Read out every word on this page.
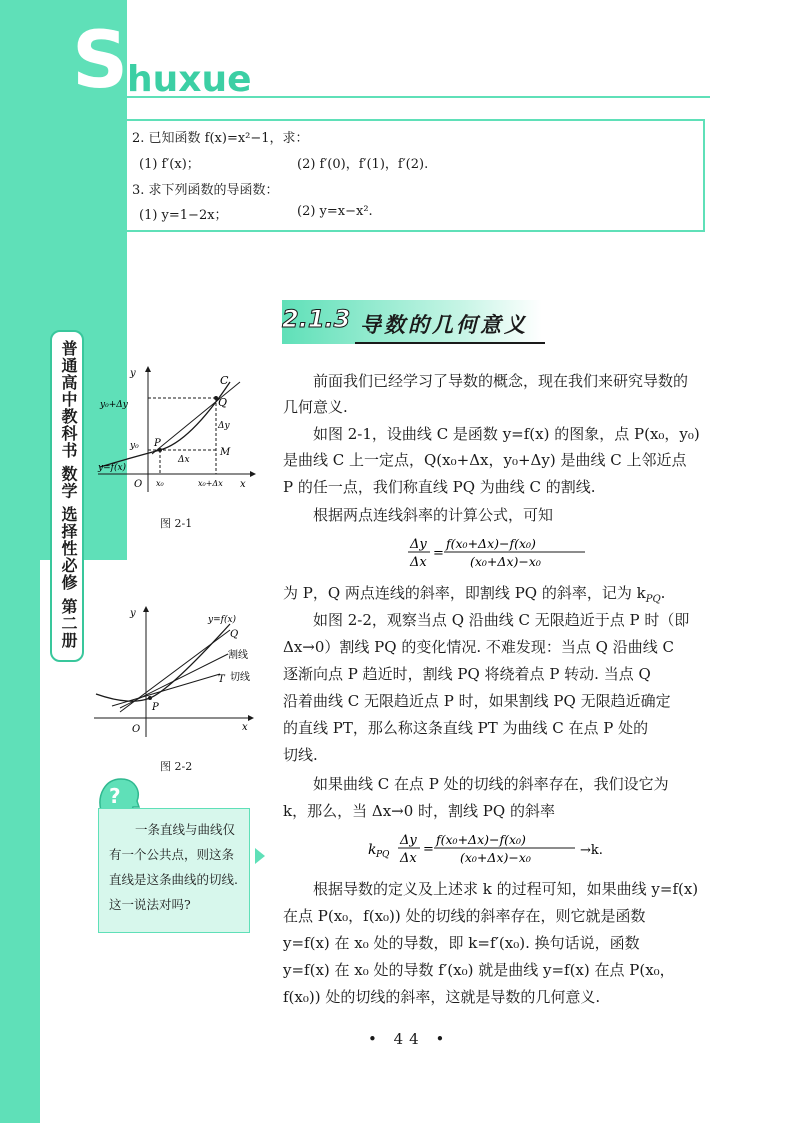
S
huxue
2. 已知函数 f(x)=x²−1，求：
(1) f′(x)；	(2) f′(0)，f′(1)，f′(2).
3. 求下列函数的导函数：
(1) y=1−2x；	(2) y=x−x².
普通高中教科书 数学 选择性必修 第二册
2.1.3 导数的几何意义
前面我们已经学习了导数的概念，现在我们来研究导数的
几何意义.
如图 2-1，设曲线 C 是函数 y=f(x) 的图象，点 P(x₀，y₀)
是曲线 C 上一定点，Q(x₀+Δx，y₀+Δy) 是曲线 C 上邻近点
P 的任一点，我们称直线 PQ 为曲线 C 的割线.
根据两点连线斜率的计算公式，可知
Δy
Δx
=
f(x₀+Δx)−f(x₀)
(x₀+Δx)−x₀
为 P，Q 两点连线的斜率，即割线 PQ 的斜率，记为 $k_{PQ}$.
如图 2-2，观察当点 Q 沿曲线 C 无限趋近于点 P 时（即
Δx→0）割线 PQ 的变化情况. 不难发现：当点 Q 沿曲线 C
逐渐向点 P 趋近时，割线 PQ 将绕着点 P 转动. 当点 Q
沿着曲线 C 无限趋近点 P 时，如果割线 PQ 无限趋近确定
的直线 PT，那么称这条直线 PT 为曲线 C 在点 P 处的
切线.
如果曲线 C 在点 P 处的切线的斜率存在，我们设它为
k，那么，当 Δx→0 时，割线 PQ 的斜率
k PQ
Δy
Δx
=
f(x₀+Δx)−f(x₀)
(x₀+Δx)−x₀	→k.
根据导数的定义及上述求 k 的过程可知，如果曲线 y=f(x)
在点 P(x₀，f(x₀)) 处的切线的斜率存在，则它就是函数
y=f(x) 在 x₀ 处的导数，即 k=f′(x₀). 换句话说，函数
y=f(x) 在 x₀ 处的导数 f′(x₀) 就是曲线 y=f(x) 在点 P(x₀，
f(x₀)) 处的切线的斜率，这就是导数的几何意义.
y
x
O
C
Q
P
M
y₀+Δy
y₀
Δy
Δx
x₀	x₀+Δx
y=f(x)
图 2-1
y
x
O
P
y=f(x)
Q
割线
T 切线
图 2-2
?
一条直线与曲线仅有一个公共点，则这条直线是这条曲线的切线. 这一说法对吗?
• 44 •
